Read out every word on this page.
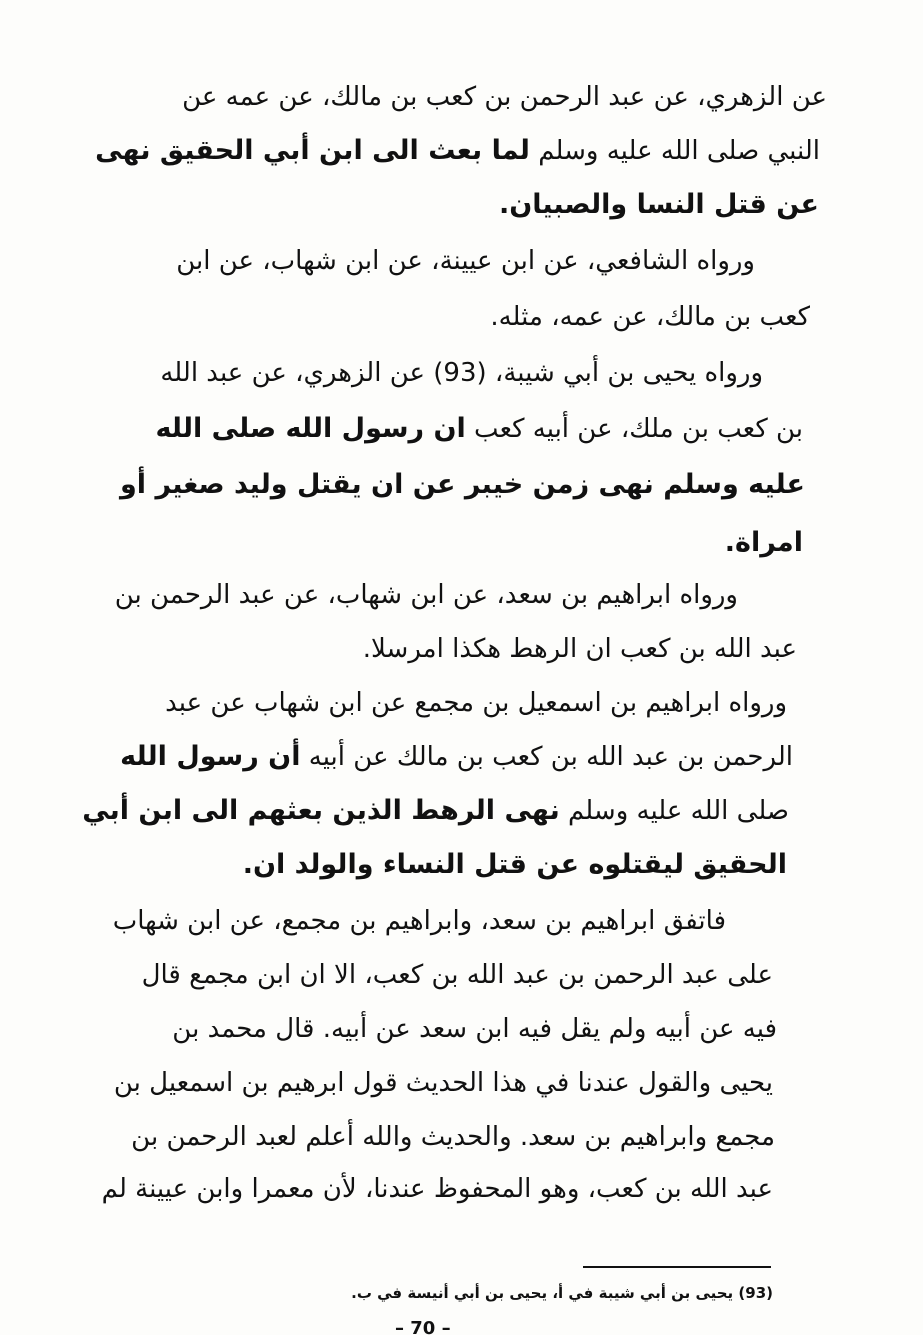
عن الزهري، عن عبد الرحمن بن كعب بن مالك، عن عمه عن
النبي صلى الله عليه وسلم لما بعث الى ابن أبي الحقيق نهى
عن قتل النسا والصبيان.
ورواه الشافعي، عن ابن عيينة، عن ابن شهاب، عن ابن
كعب بن مالك، عن عمه، مثله.
ورواه يحيى بن أبي شيبة، (93) عن الزهري، عن عبد الله
بن كعب بن ملك، عن أبيه كعب ان رسول الله صلى الله
عليه وسلم نهى زمن خيبر عن ان يقتل وليد صغير أو
امراة.
ورواه ابراهيم بن سعد، عن ابن شهاب، عن عبد الرحمن بن
عبد الله بن كعب ان الرهط هكذا امرسلا.
ورواه ابراهيم بن اسمعيل بن مجمع عن ابن شهاب عن عبد
الرحمن بن عبد الله بن كعب بن مالك عن أبيه أن رسول الله
صلى الله عليه وسلم نهى الرهط الذين بعثهم الى ابن أبي
الحقيق ليقتلوه عن قتل النساء والولد ان.
فاتفق ابراهيم بن سعد، وابراهيم بن مجمع، عن ابن شهاب
على عبد الرحمن بن عبد الله بن كعب، الا ان ابن مجمع قال
فيه عن أبيه ولم يقل فيه ابن سعد عن أبيه. قال محمد بن
يحيى والقول عندنا في هذا الحديث قول ابرهيم بن اسمعيل بن
مجمع وابراهيم بن سعد. والحديث والله أعلم لعبد الرحمن بن
عبد الله بن كعب، وهو المحفوظ عندنا، لأن معمرا وابن عيينة لم
(93) يحيى بن أبي شيبة في أ، يحيى بن أبي أنيسة في ب.
– 70 –
